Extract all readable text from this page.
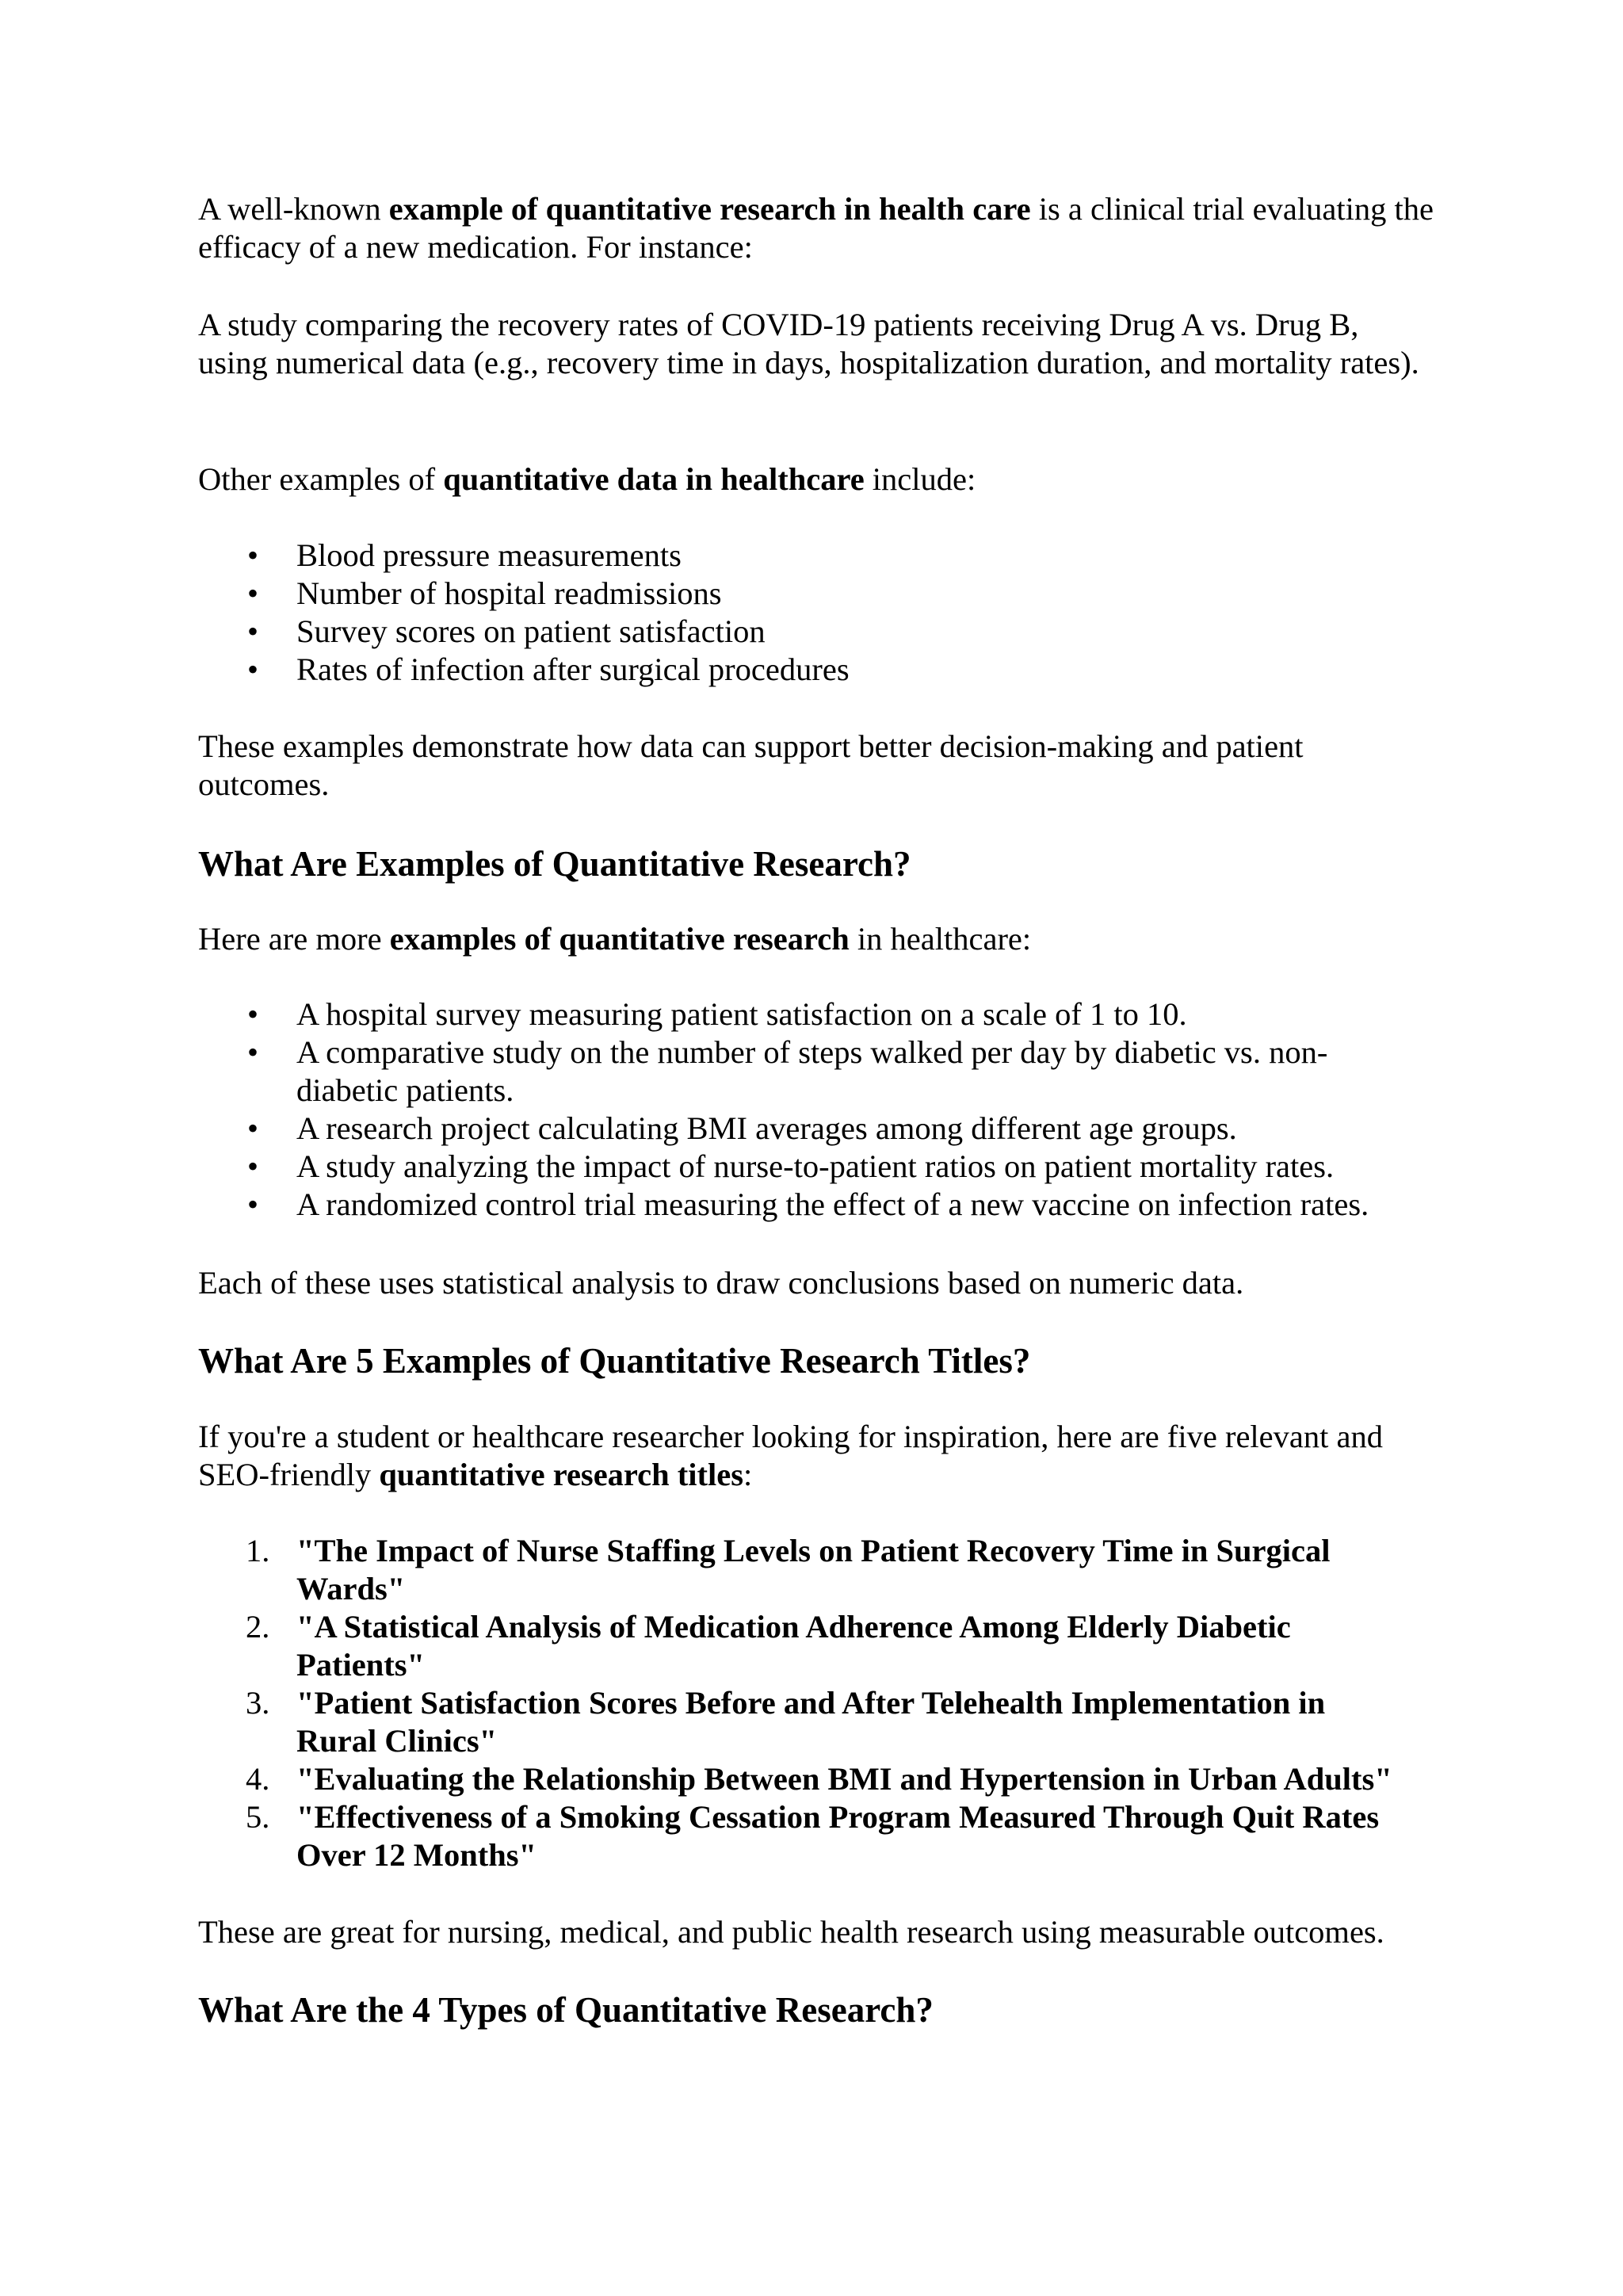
A well-known example of quantitative research in health care is a clinical trial evaluating the efficacy of a new medication. For instance:

A study comparing the recovery rates of COVID-19 patients receiving Drug A vs. Drug B, using numerical data (e.g., recovery time in days, hospitalization duration, and mortality rates).

Other examples of quantitative data in healthcare include:

• Blood pressure measurements
• Number of hospital readmissions
• Survey scores on patient satisfaction
• Rates of infection after surgical procedures

These examples demonstrate how data can support better decision-making and patient outcomes.

What Are Examples of Quantitative Research?

Here are more examples of quantitative research in healthcare:

• A hospital survey measuring patient satisfaction on a scale of 1 to 10.
• A comparative study on the number of steps walked per day by diabetic vs. non-diabetic patients.
• A research project calculating BMI averages among different age groups.
• A study analyzing the impact of nurse-to-patient ratios on patient mortality rates.
• A randomized control trial measuring the effect of a new vaccine on infection rates.

Each of these uses statistical analysis to draw conclusions based on numeric data.

What Are 5 Examples of Quantitative Research Titles?

If you're a student or healthcare researcher looking for inspiration, here are five relevant and SEO-friendly quantitative research titles:

1. "The Impact of Nurse Staffing Levels on Patient Recovery Time in Surgical Wards"
2. "A Statistical Analysis of Medication Adherence Among Elderly Diabetic Patients"
3. "Patient Satisfaction Scores Before and After Telehealth Implementation in Rural Clinics"
4. "Evaluating the Relationship Between BMI and Hypertension in Urban Adults"
5. "Effectiveness of a Smoking Cessation Program Measured Through Quit Rates Over 12 Months"

These are great for nursing, medical, and public health research using measurable outcomes.

What Are the 4 Types of Quantitative Research?
